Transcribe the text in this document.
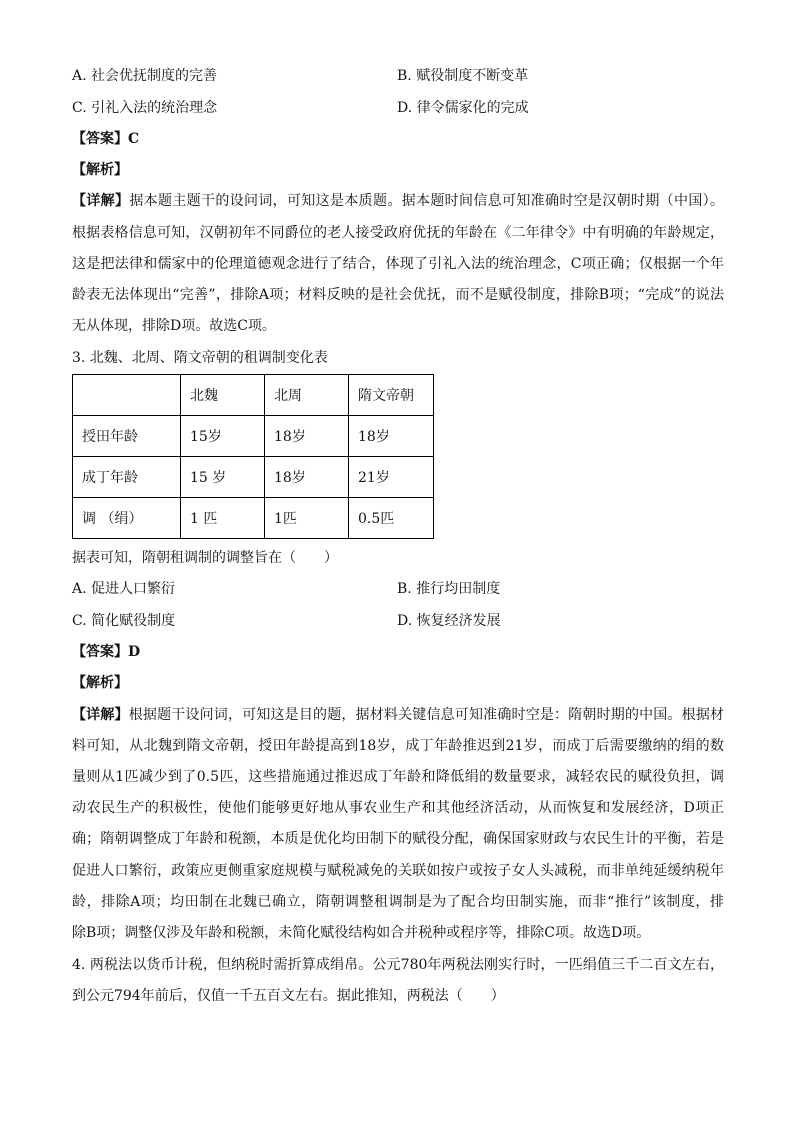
A. 社会优抚制度的完善	B. 赋役制度不断变革
C. 引礼入法的统治理念	D. 律令儒家化的完成
【答案】C
【解析】
【详解】据本题主题干的设问词，可知这是本质题。据本题时间信息可知准确时空是汉朝时期（中国）。
根据表格信息可知，汉朝初年不同爵位的老人接受政府优抚的年龄在《二年律令》中有明确的年龄规定，
这是把法律和儒家中的伦理道德观念进行了结合，体现了引礼入法的统治理念，C项正确；仅根据一个年
龄表无法体现出“完善”，排除A项；材料反映的是社会优抚，而不是赋役制度，排除B项；“完成”的说法
无从体现，排除D项。故选C项。
3. 北魏、北周、隋文帝朝的租调制变化表
	北魏	北周	隋文帝朝
授田年龄	15岁	18岁	18岁
成丁年龄	15 岁	18岁	21岁
调 （绢）	1 匹	1匹	0.5匹
据表可知，隋朝租调制的调整旨在（　　）
A. 促进人口繁衍	B. 推行均田制度
C. 简化赋役制度	D. 恢复经济发展
【答案】D
【解析】
【详解】根据题干设问词，可知这是目的题，据材料关键信息可知准确时空是：隋朝时期的中国。根据材
料可知，从北魏到隋文帝朝，授田年龄提高到18岁，成丁年龄推迟到21岁，而成丁后需要缴纳的绢的数
量则从1匹减少到了0.5匹，这些措施通过推迟成丁年龄和降低绢的数量要求，减轻农民的赋役负担，调
动农民生产的积极性，使他们能够更好地从事农业生产和其他经济活动，从而恢复和发展经济，D项正
确；隋朝调整成丁年龄和税额，本质是优化均田制下的赋役分配，确保国家财政与农民生计的平衡，若是
促进人口繁衍，政策应更侧重家庭规模与赋税减免的关联如按户或按子女人头减税，而非单纯延缓纳税年
龄，排除A项；均田制在北魏已确立，隋朝调整租调制是为了配合均田制实施，而非“推行”该制度，排
除B项；调整仅涉及年龄和税额，未简化赋役结构如合并税种或程序等，排除C项。故选D项。
4. 两税法以货币计税，但纳税时需折算成绢帛。公元780年两税法刚实行时，一匹绢值三千二百文左右，
到公元794年前后，仅值一千五百文左右。据此推知，两税法（　　）
